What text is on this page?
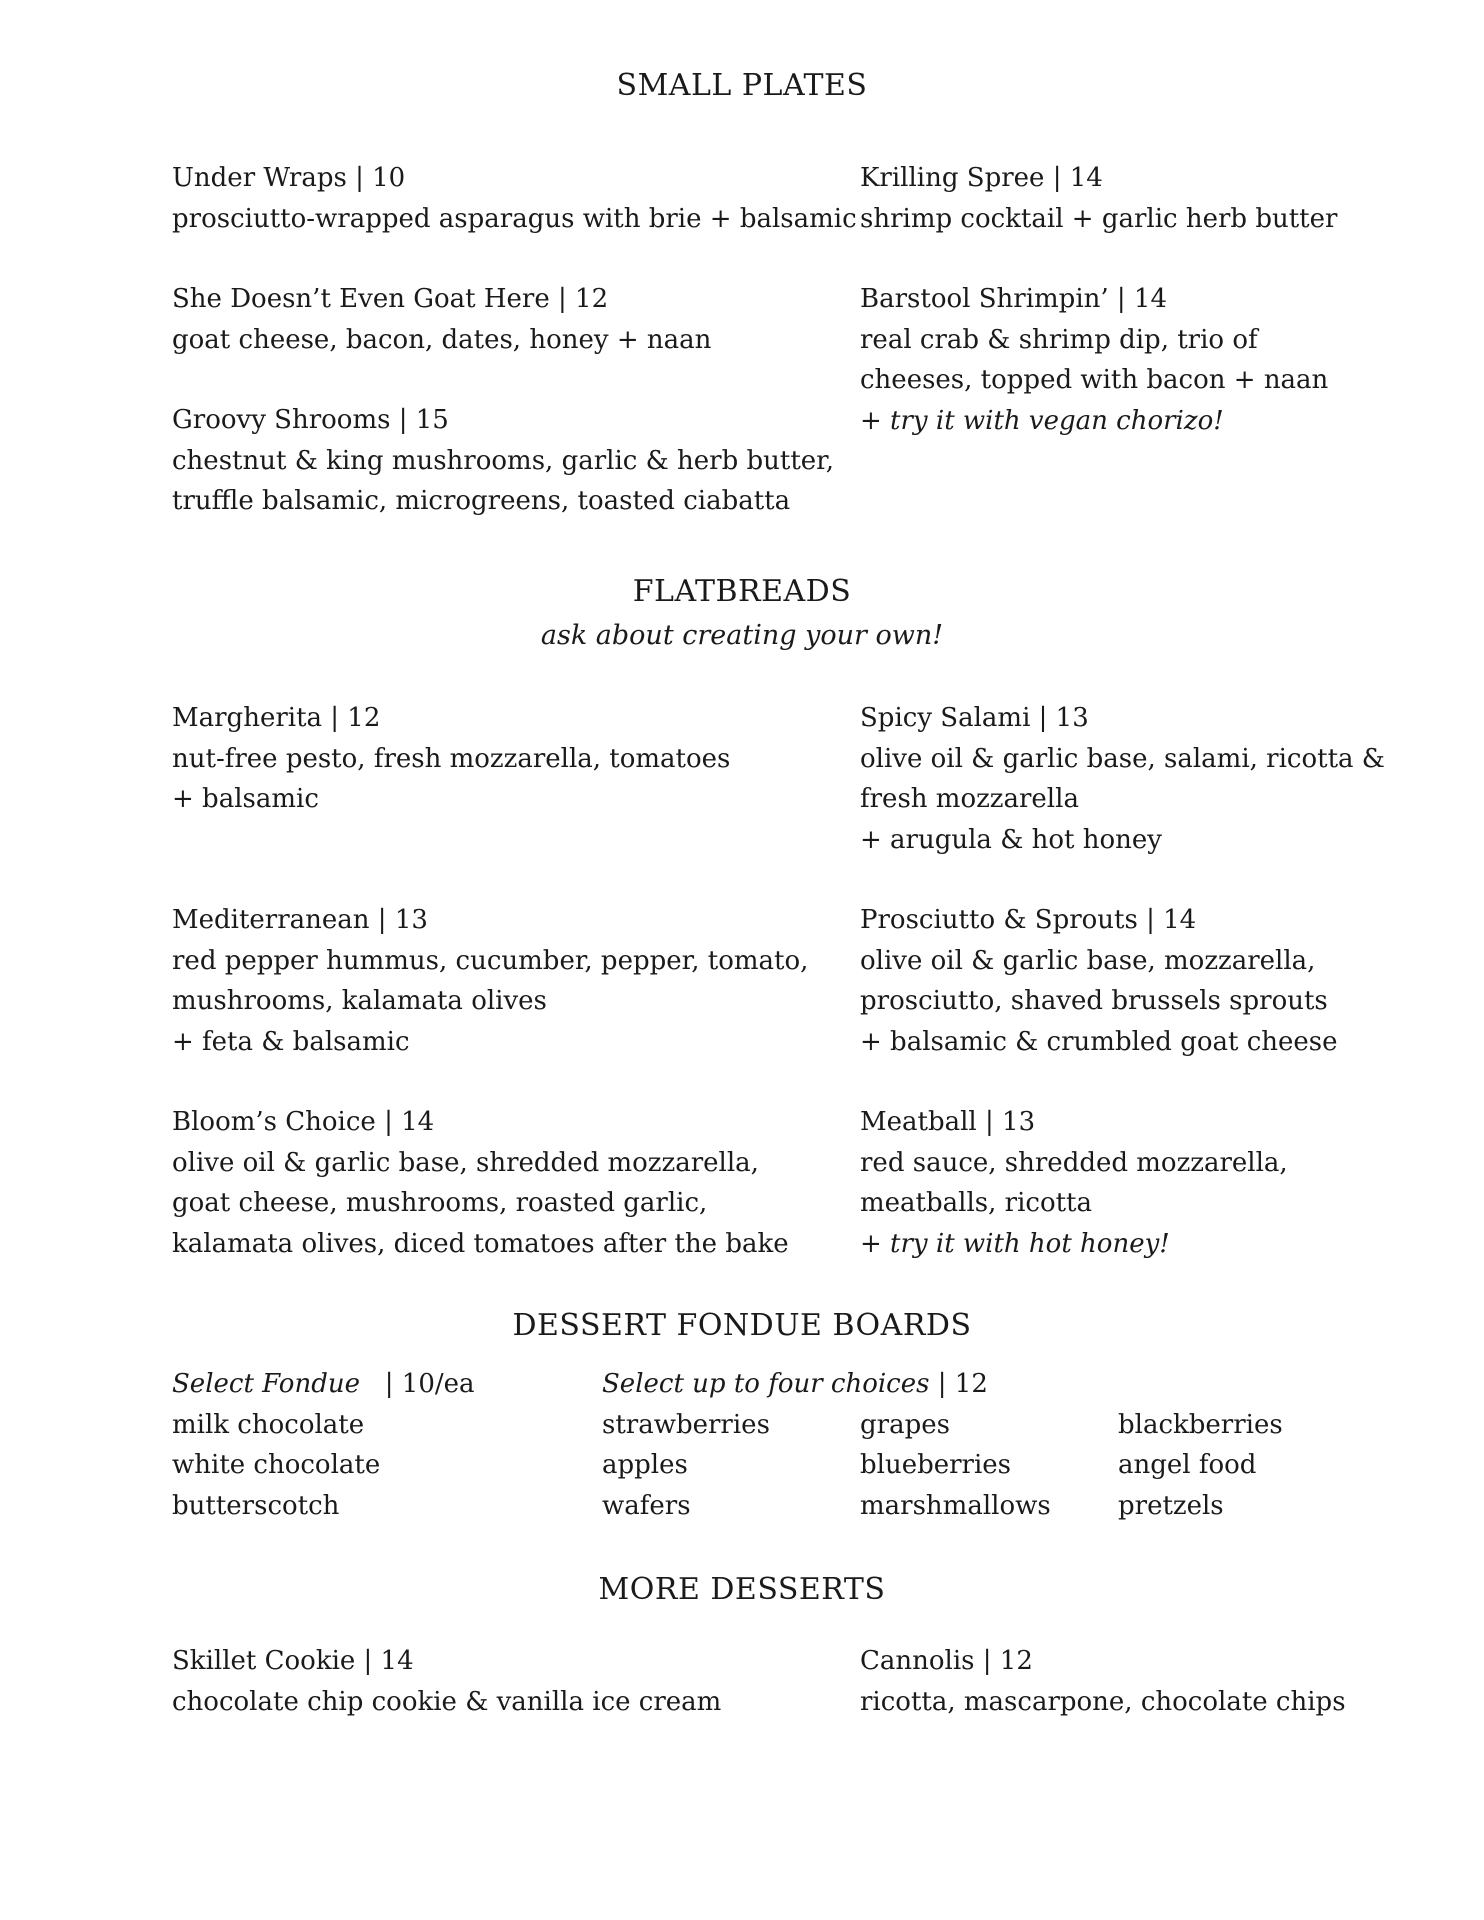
SMALL PLATES
Under Wraps | 10
prosciutto-wrapped asparagus with brie + balsamic
She Doesn’t Even Goat Here | 12
goat cheese, bacon, dates, honey + naan
Groovy Shrooms | 15
chestnut & king mushrooms, garlic & herb butter,
truffle balsamic, microgreens, toasted ciabatta
Krilling Spree | 14
shrimp cocktail + garlic herb butter
Barstool Shrimpin’ | 14
real crab & shrimp dip, trio of
cheeses, topped with bacon + naan
+ try it with vegan chorizo!
FLATBREADS
ask about creating your own!
Margherita | 12
nut-free pesto, fresh mozzarella, tomatoes
+ balsamic
Mediterranean | 13
red pepper hummus, cucumber, pepper, tomato,
mushrooms, kalamata olives
+ feta & balsamic
Bloom’s Choice | 14
olive oil & garlic base, shredded mozzarella,
goat cheese, mushrooms, roasted garlic,
kalamata olives, diced tomatoes after the bake
Spicy Salami | 13
olive oil & garlic base, salami, ricotta &
fresh mozzarella
+ arugula & hot honey
Prosciutto & Sprouts | 14
olive oil & garlic base, mozzarella,
prosciutto, shaved brussels sprouts
+ balsamic & crumbled goat cheese
Meatball | 13
red sauce, shredded mozzarella,
meatballs, ricotta
+ try it with hot honey!
DESSERT FONDUE BOARDS
Select Fondue | 10/ea
milk chocolate
white chocolate
butterscotch
Select up to four choices | 12
strawberries
apples
wafers
grapes
blueberries
marshmallows
blackberries
angel food
pretzels
MORE DESSERTS
Skillet Cookie | 14
chocolate chip cookie & vanilla ice cream
Cannolis | 12
ricotta, mascarpone, chocolate chips
